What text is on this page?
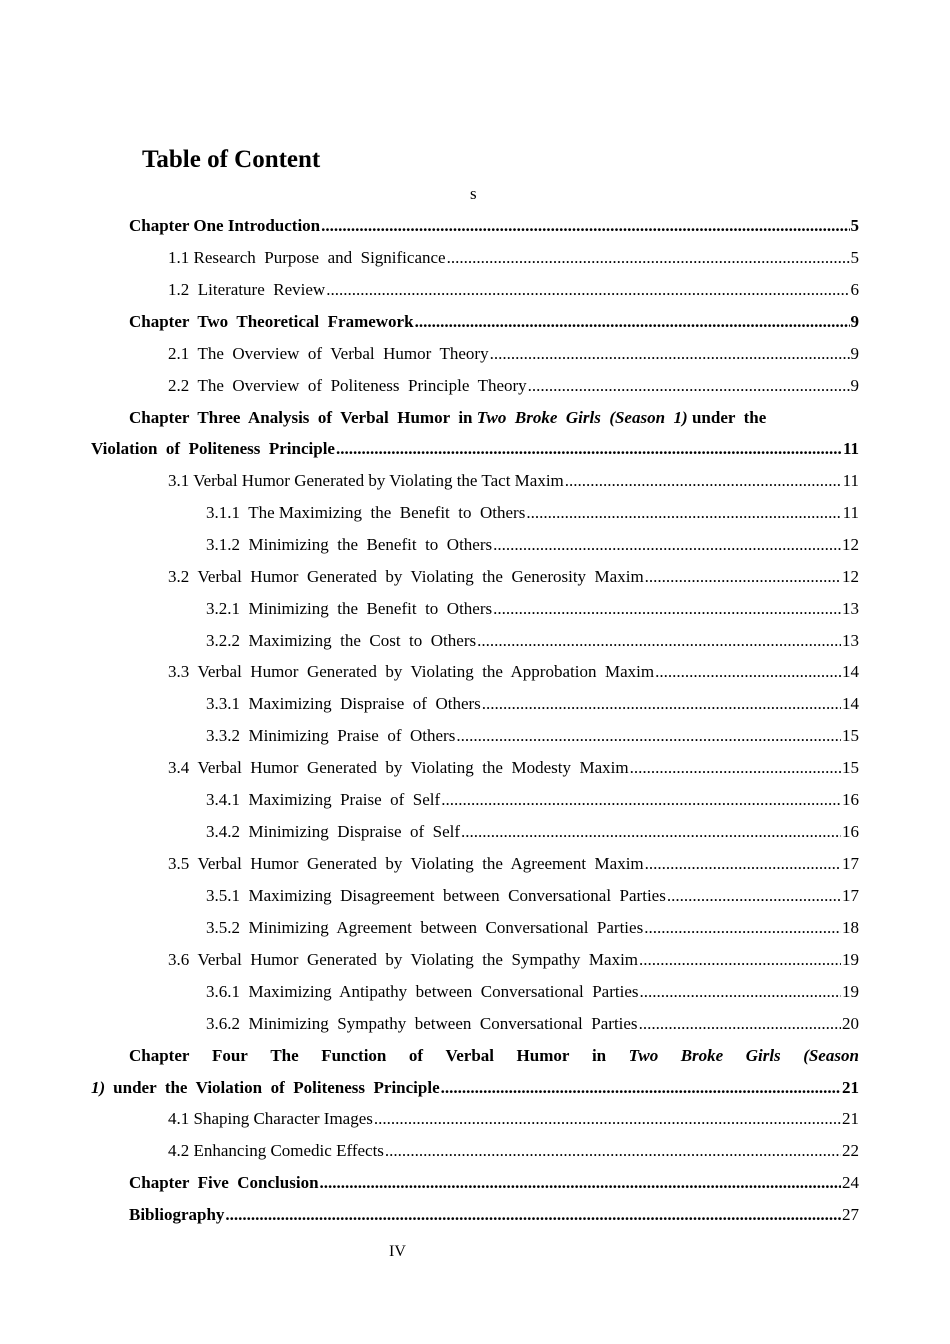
Table of Content
s
Chapter One Introduction .....	5
1.1 Research  Purpose  and  Significance .....	5
1.2  Literature  Review .....	6
Chapter  Two  Theoretical  Framework .....	9
2.1  The  Overview  of  Verbal  Humor  Theory .....	9
2.2  The  Overview  of  Politeness  Principle  Theory .....	9
Chapter  Three  Analysis  of  Verbal  Humor  in Two  Broke  Girls  (Season  1) under  the
Violation  of  Politeness  Principle .....	11
3.1 Verbal Humor Generated by Violating the Tact Maxim .....	11
3.1.1  The Maximizing  the  Benefit  to  Others .....	11
3.1.2  Minimizing  the  Benefit  to  Others .....	12
3.2  Verbal  Humor  Generated  by  Violating  the  Generosity  Maxim .....	12
3.2.1  Minimizing  the  Benefit  to  Others .....	13
3.2.2  Maximizing  the  Cost  to  Others .....	13
3.3  Verbal  Humor  Generated  by  Violating  the  Approbation  Maxim .....	14
3.3.1  Maximizing  Dispraise  of  Others .....	14
3.3.2  Minimizing  Praise  of  Others .....	15
3.4  Verbal  Humor  Generated  by  Violating  the  Modesty  Maxim .....	15
3.4.1  Maximizing  Praise  of  Self .....	16
3.4.2  Minimizing  Dispraise  of  Self .....	16
3.5  Verbal  Humor  Generated  by  Violating  the  Agreement  Maxim .....	17
3.5.1  Maximizing  Disagreement  between  Conversational  Parties .....	17
3.5.2  Minimizing  Agreement  between  Conversational  Parties .....	18
3.6  Verbal  Humor  Generated  by  Violating  the  Sympathy  Maxim .....	19
3.6.1  Maximizing  Antipathy  between  Conversational  Parties .....	19
3.6.2  Minimizing  Sympathy  between  Conversational  Parties .....	20
Chapter Four The Function of Verbal Humor in Two Broke Girls (Season
1) under  the  Violation  of  Politeness  Principle .....	21
4.1 Shaping Character Images .....	21
4.2 Enhancing Comedic Effects .....	22
Chapter  Five  Conclusion .....	24
Bibliography .....	27
IV
